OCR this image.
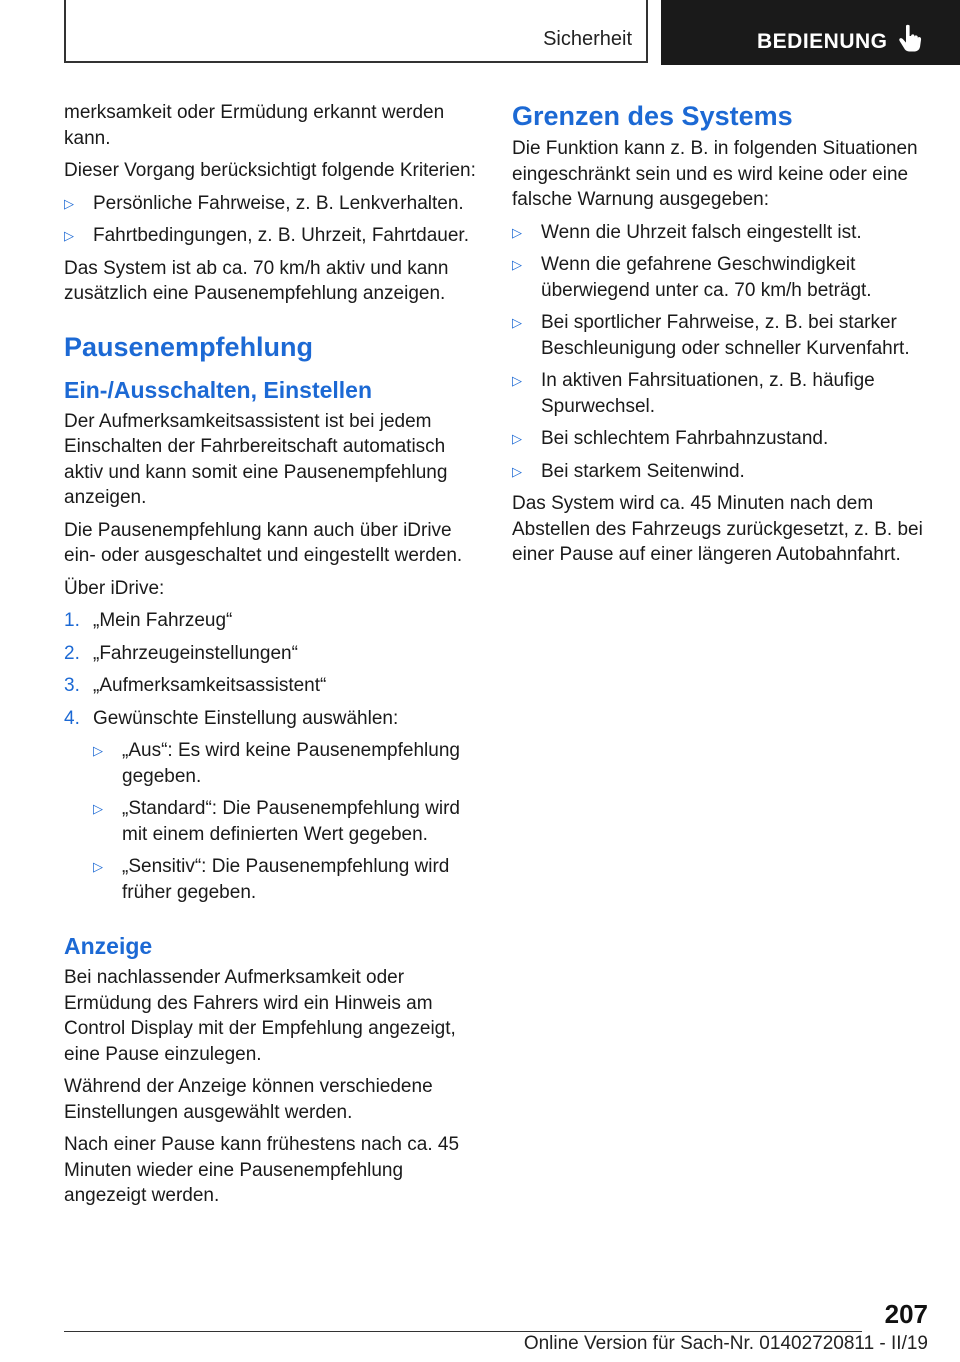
Sicherheit	BEDIENUNG

merksamkeit oder Ermüdung erkannt werden kann.

Dieser Vorgang berücksichtigt folgende Kriterien:

▷ Persönliche Fahrweise, z. B. Lenkverhalten.
▷ Fahrtbedingungen, z. B. Uhrzeit, Fahrtdauer.

Das System ist ab ca. 70 km/h aktiv und kann zusätzlich eine Pausenempfehlung anzeigen.

Pausenempfehlung
Ein-/Ausschalten, Einstellen

Der Aufmerksamkeitsassistent ist bei jedem Einschalten der Fahrbereitschaft automatisch aktiv und kann somit eine Pausenempfehlung anzeigen.

Die Pausenempfehlung kann auch über iDrive ein- oder ausgeschaltet und eingestellt werden.

Über iDrive:

1. „Mein Fahrzeug“
2. „Fahrzeugeinstellungen“
3. „Aufmerksamkeitsassistent“
4. Gewünschte Einstellung auswählen:
▷ „Aus“: Es wird keine Pausenempfehlung gegeben.
▷ „Standard“: Die Pausenempfehlung wird mit einem definierten Wert gegeben.
▷ „Sensitiv“: Die Pausenempfehlung wird früher gegeben.
Anzeige

Bei nachlassender Aufmerksamkeit oder Ermüdung des Fahrers wird ein Hinweis am Control Display mit der Empfehlung angezeigt, eine Pause einzulegen.

Während der Anzeige können verschiedene Einstellungen ausgewählt werden.

Nach einer Pause kann frühestens nach ca. 45 Minuten wieder eine Pausenempfehlung angezeigt werden.

Grenzen des Systems

Die Funktion kann z. B. in folgenden Situationen eingeschränkt sein und es wird keine oder eine falsche Warnung ausgegeben:

▷ Wenn die Uhrzeit falsch eingestellt ist.
▷ Wenn die gefahrene Geschwindigkeit überwiegend unter ca. 70 km/h beträgt.
▷ Bei sportlicher Fahrweise, z. B. bei starker Beschleunigung oder schneller Kurvenfahrt.
▷ In aktiven Fahrsituationen, z. B. häufige Spurwechsel.
▷ Bei schlechtem Fahrbahnzustand.
▷ Bei starkem Seitenwind.

Das System wird ca. 45 Minuten nach dem Abstellen des Fahrzeugs zurückgesetzt, z. B. bei einer Pause auf einer längeren Autobahnfahrt.

207
Online Version für Sach-Nr. 01402720811 - II/19
